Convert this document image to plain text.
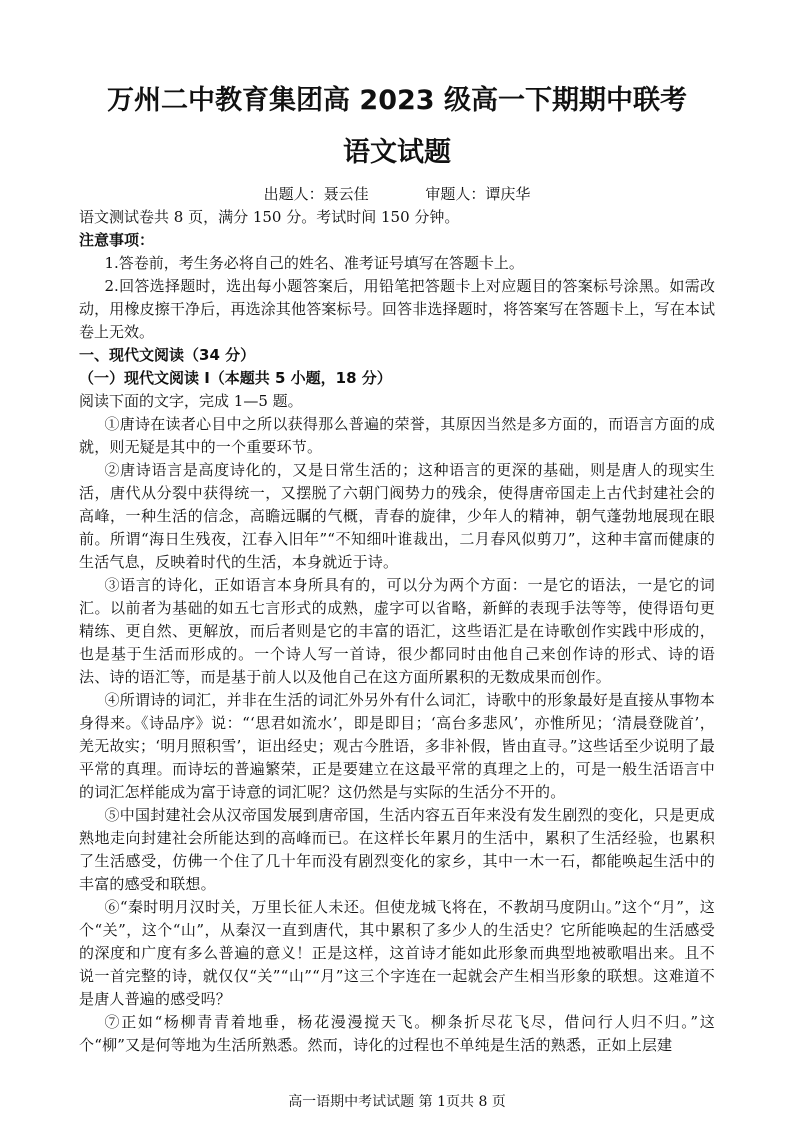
万州二中教育集团高 2023 级高一下期期中联考
语文试题
出题人：聂云佳	审题人：谭庆华

语文测试卷共 8 页，满分 150 分。考试时间 150 分钟。

注意事项：

1.答卷前，考生务必将自己的姓名、准考证号填写在答题卡上。

2.回答选择题时，选出每小题答案后，用铅笔把答题卡上对应题目的答案标号涂黑。如需改动，用橡皮擦干净后，再选涂其他答案标号。回答非选择题时，将答案写在答题卡上，写在本试卷上无效。

一、现代文阅读（34 分）

（一）现代文阅读 I（本题共 5 小题，18 分）

阅读下面的文字，完成 1—5 题。

①唐诗在读者心目中之所以获得那么普遍的荣誉，其原因当然是多方面的，而语言方面的成就，则无疑是其中的一个重要环节。

②唐诗语言是高度诗化的，又是日常生活的；这种语言的更深的基础，则是唐人的现实生活，唐代从分裂中获得统一，又摆脱了六朝门阀势力的残余，使得唐帝国走上古代封建社会的高峰，一种生活的信念，高瞻远瞩的气概，青春的旋律，少年人的精神，朝气蓬勃地展现在眼前。所谓“海日生残夜，江春入旧年”“不知细叶谁裁出，二月春风似剪刀”，这种丰富而健康的生活气息，反映着时代的生活，本身就近于诗。

③语言的诗化，正如语言本身所具有的，可以分为两个方面：一是它的语法，一是它的词汇。以前者为基础的如五七言形式的成熟，虚字可以省略，新鲜的表现手法等等，使得语句更精练、更自然、更解放，而后者则是它的丰富的语汇，这些语汇是在诗歌创作实践中形成的，也是基于生活而形成的。一个诗人写一首诗，很少都同时由他自己来创作诗的形式、诗的语法、诗的语汇等，而是基于前人以及他自己在这方面所累积的无数成果而创作。

④所谓诗的词汇，并非在生活的词汇外另外有什么词汇，诗歌中的形象最好是直接从事物本身得来。《诗品序》说：“‘思君如流水’，即是即目；‘高台多悲风’，亦惟所见；‘清晨登陇首’，羌无故实；‘明月照积雪’，讵出经史；观古今胜语，多非补假，皆由直寻。”这些话至少说明了最平常的真理。而诗坛的普遍繁荣，正是要建立在这最平常的真理之上的，可是一般生活语言中的词汇怎样能成为富于诗意的词汇呢？这仍然是与实际的生活分不开的。

⑤中国封建社会从汉帝国发展到唐帝国，生活内容五百年来没有发生剧烈的变化，只是更成熟地走向封建社会所能达到的高峰而已。在这样长年累月的生活中，累积了生活经验，也累积了生活感受，仿佛一个住了几十年而没有剧烈变化的家乡，其中一木一石，都能唤起生活中的丰富的感受和联想。

⑥“秦时明月汉时关，万里长征人未还。但使龙城飞将在，不教胡马度阴山。”这个“月”，这个“关”，这个“山”，从秦汉一直到唐代，其中累积了多少人的生活史？它所能唤起的生活感受的深度和广度有多么普遍的意义！正是这样，这首诗才能如此形象而典型地被歌唱出来。且不说一首完整的诗，就仅仅“关”“山”“月”这三个字连在一起就会产生相当形象的联想。这难道不是唐人普遍的感受吗？

⑦正如“杨柳青青着地垂，杨花漫漫搅天飞。柳条折尽花飞尽，借问行人归不归。”这个“柳”又是何等地为生活所熟悉。然而，诗化的过程也不单纯是生活的熟悉，正如上层建

高一语期中考试试题 第 1页共 8 页
